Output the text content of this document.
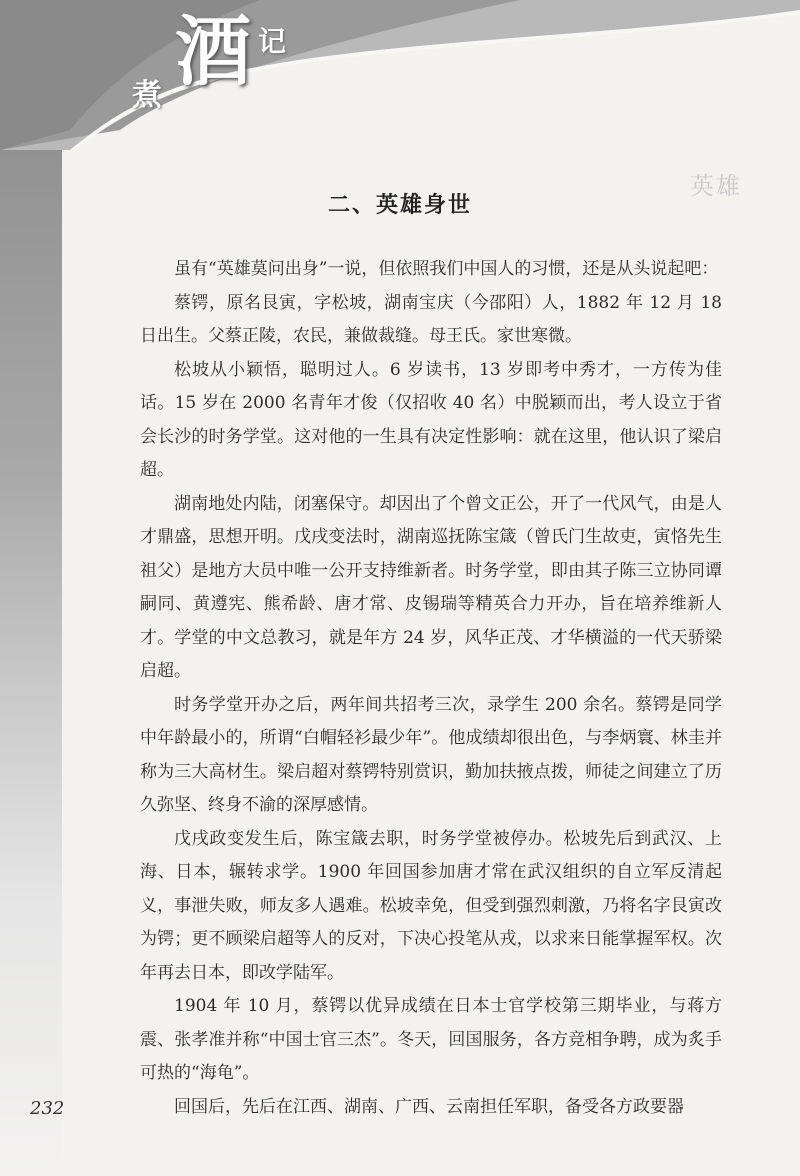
煮 酒 记
英雄
二、英雄身世

虽有“英雄莫问出身”一说，但依照我们中国人的习惯，还是从头说起吧：

蔡锷，原名艮寅，字松坡，湖南宝庆（今邵阳）人，1882 年 12 月 18 日出生。父蔡正陵，农民，兼做裁缝。母王氏。家世寒微。

松坡从小颖悟，聪明过人。6 岁读书，13 岁即考中秀才，一方传为佳话。15 岁在 2000 名青年才俊（仅招收 40 名）中脱颖而出，考人设立于省会长沙的时务学堂。这对他的一生具有决定性影响：就在这里，他认识了梁启超。

湖南地处内陆，闭塞保守。却因出了个曾文正公，开了一代风气，由是人才鼎盛，思想开明。戊戌变法时，湖南巡抚陈宝箴（曾氏门生故吏，寅恪先生祖父）是地方大员中唯一公开支持维新者。时务学堂，即由其子陈三立协同谭嗣同、黄遵宪、熊希龄、唐才常、皮锡瑞等精英合力开办，旨在培养维新人才。学堂的中文总教习，就是年方 24 岁，风华正茂、才华横溢的一代天骄梁启超。

时务学堂开办之后，两年间共招考三次，录学生 200 余名。蔡锷是同学中年龄最小的，所谓“白帽轻衫最少年”。他成绩却很出色，与李炳寰、林圭并称为三大高材生。梁启超对蔡锷特别赏识，勤加扶掖点拨，师徒之间建立了历久弥坚、终身不渝的深厚感情。

戊戌政变发生后，陈宝箴去职，时务学堂被停办。松坡先后到武汉、上海、日本，辗转求学。1900 年回国参加唐才常在武汉组织的自立军反清起义，事泄失败，师友多人遇难。松坡幸免，但受到强烈刺激，乃将名字艮寅改为锷；更不顾梁启超等人的反对，下决心投笔从戎，以求来日能掌握军权。次年再去日本，即改学陆军。

1904 年 10 月，蔡锷以优异成绩在日本士官学校第三期毕业，与蒋方震、张孝准并称“中国士官三杰”。冬天，回国服务，各方竞相争聘，成为炙手可热的“海龟”。

回国后，先后在江西、湖南、广西、云南担任军职，备受各方政要器

232
